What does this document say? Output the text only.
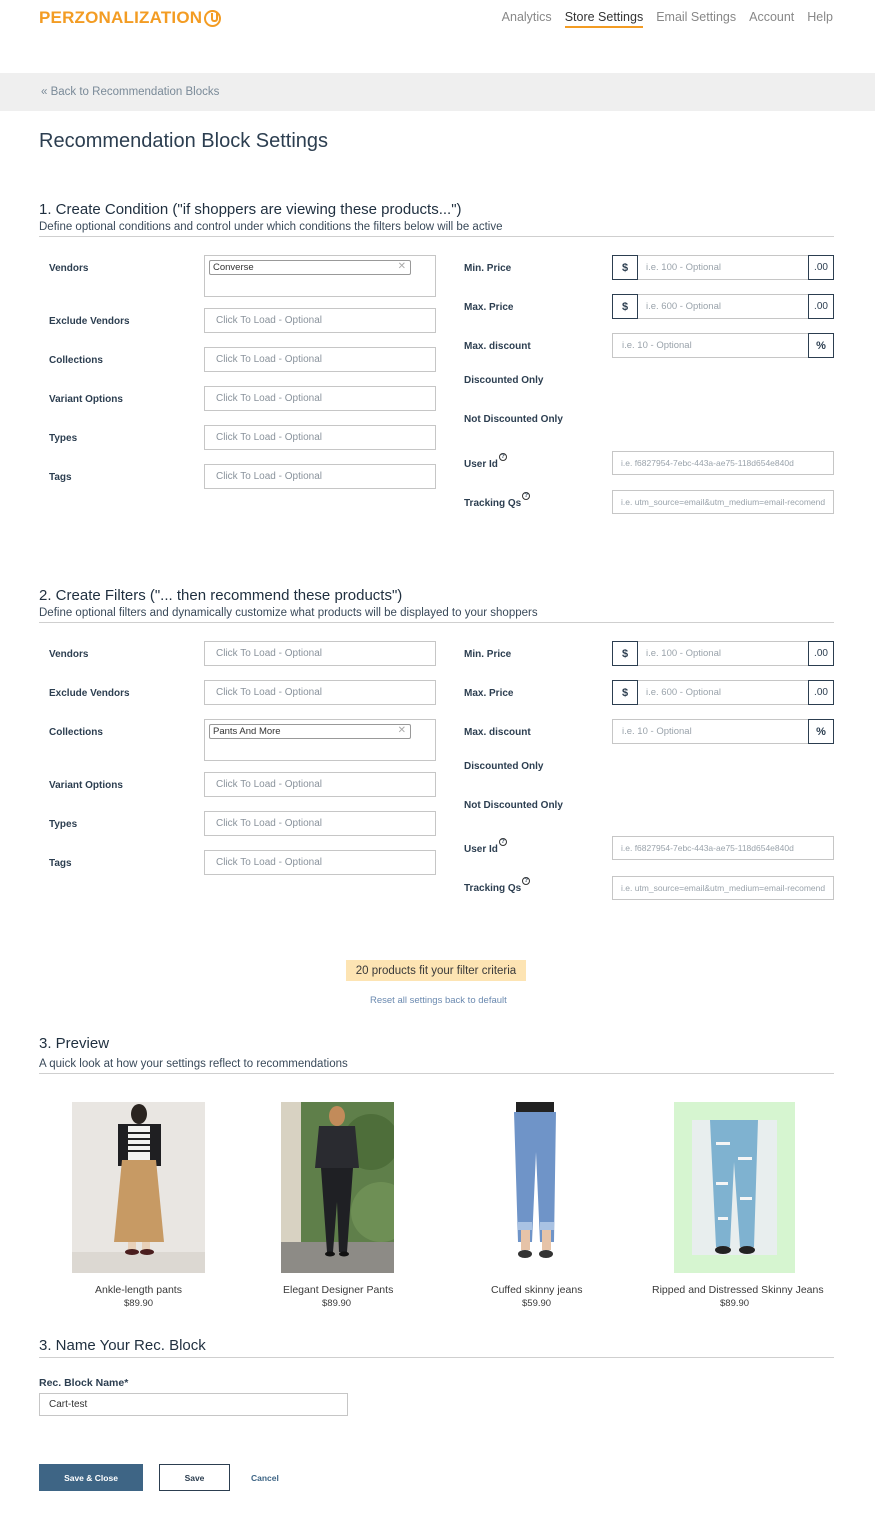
PERZONALIZATION	Analytics Store Settings Email Settings Account Help
« Back to Recommendation Blocks
Recommendation Block Settings
1. Create Condition ("if shoppers are viewing these products...")
Define optional conditions and control under which conditions the filters below will be active
Vendors	Converse	✕
Exclude Vendors	Click To Load - Optional
Collections	Click To Load - Optional
Variant Options	Click To Load - Optional
Types	Click To Load - Optional
Tags	Click To Load - Optional
Min. Price	$	i.e. 100 - Optional	.00
Max. Price	$	i.e. 600 - Optional	.00
Max. discount	i.e. 10 - Optional	%
Discounted Only
Not Discounted Only
User Id?
i.e. f6827954-7ebc-443a-ae75-118d654e840d
Tracking Qs?
i.e. utm_source=email&utm_medium=email-recomend
2. Create Filters ("... then recommend these products")
Define optional filters and dynamically customize what products will be displayed to your shoppers
Vendors	Click To Load - Optional
Exclude Vendors	Click To Load - Optional
Collections	Pants And More	✕
Variant Options	Click To Load - Optional
Types	Click To Load - Optional
Tags	Click To Load - Optional
Min. Price	$	i.e. 100 - Optional	.00
Max. Price	$	i.e. 600 - Optional	.00
Max. discount	i.e. 10 - Optional	%
Discounted Only
Not Discounted Only
User Id?
i.e. f6827954-7ebc-443a-ae75-118d654e840d
Tracking Qs?
i.e. utm_source=email&utm_medium=email-recomend
20 products fit your filter criteria
Reset all settings back to default
3. Preview
A quick look at how your settings reflect to recommendations
Ankle-length pants
$89.90
Elegant Designer Pants
$89.90
Cuffed skinny jeans
$59.90
Ripped and Distressed Skinny Jeans
$89.90
3. Name Your Rec. Block
Rec. Block Name*
Cart-test
Save & Close	Save	Cancel
